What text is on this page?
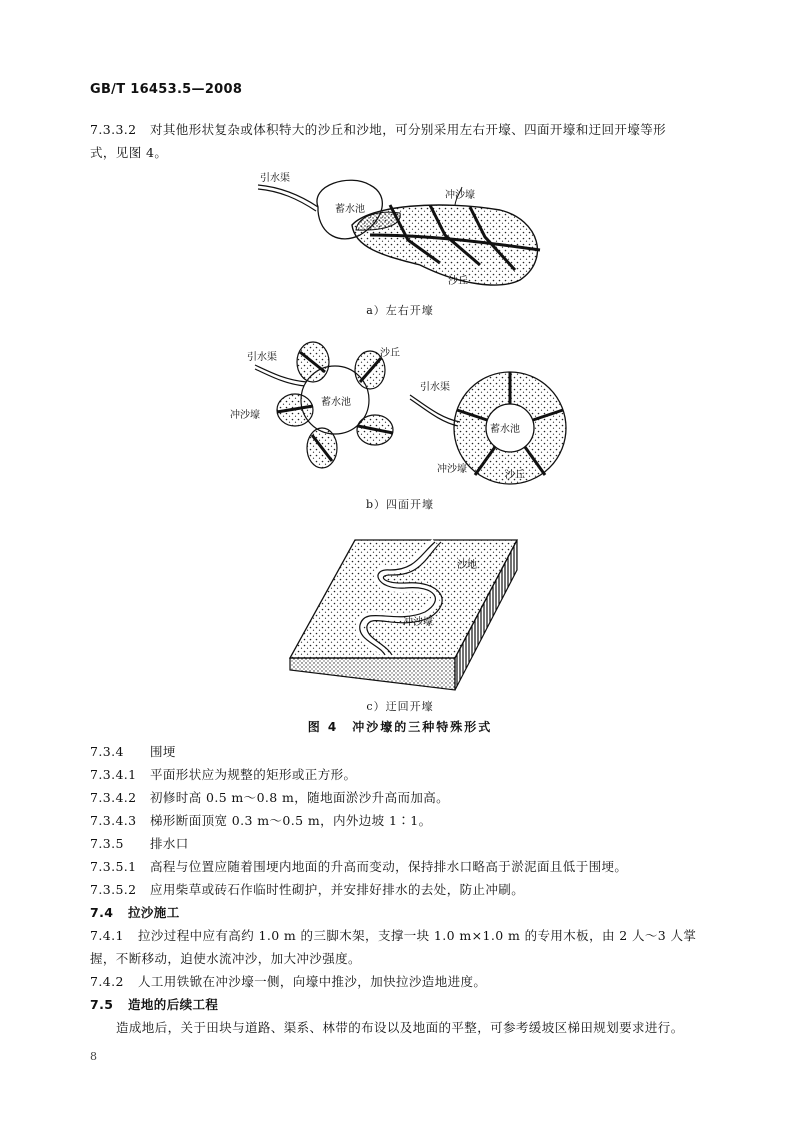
GB/T 16453.5—2008
7.3.3.2 对其他形状复杂或体积特大的沙丘和沙地，可分别采用左右开壕、四面开壕和迂回开壕等形
式，见图 4。
引水渠
蓄水池
冲沙壕
沙丘
a）左右开壕
引水渠	沙丘
蓄水池
冲沙壕
引水渠
蓄水池
冲沙壕
沙丘
b）四面开壕
沙地
冲沙壕
c）迂回开壕
图 4　冲沙壕的三种特殊形式
7.3.4 围埂
7.3.4.1 平面形状应为规整的矩形或正方形。
7.3.4.2 初修时高 0.5 m～0.8 m，随地面淤沙升高而加高。
7.3.4.3 梯形断面顶宽 0.3 m～0.5 m，内外边坡 1∶1。
7.3.5 排水口
7.3.5.1 高程与位置应随着围埂内地面的升高而变动，保持排水口略高于淤泥面且低于围埂。
7.3.5.2 应用柴草或砖石作临时性砌护，并安排好排水的去处，防止冲刷。
7.4 拉沙施工
7.4.1 拉沙过程中应有高约 1.0 m 的三脚木架，支撑一块 1.0 m×1.0 m 的专用木板，由 2 人～3 人掌
握，不断移动，迫使水流冲沙，加大冲沙强度。
7.4.2 人工用铁锨在冲沙壕一侧，向壕中推沙，加快拉沙造地进度。
7.5 造地的后续工程
造成地后，关于田块与道路、渠系、林带的布设以及地面的平整，可参考缓坡区梯田规划要求进行。
8
